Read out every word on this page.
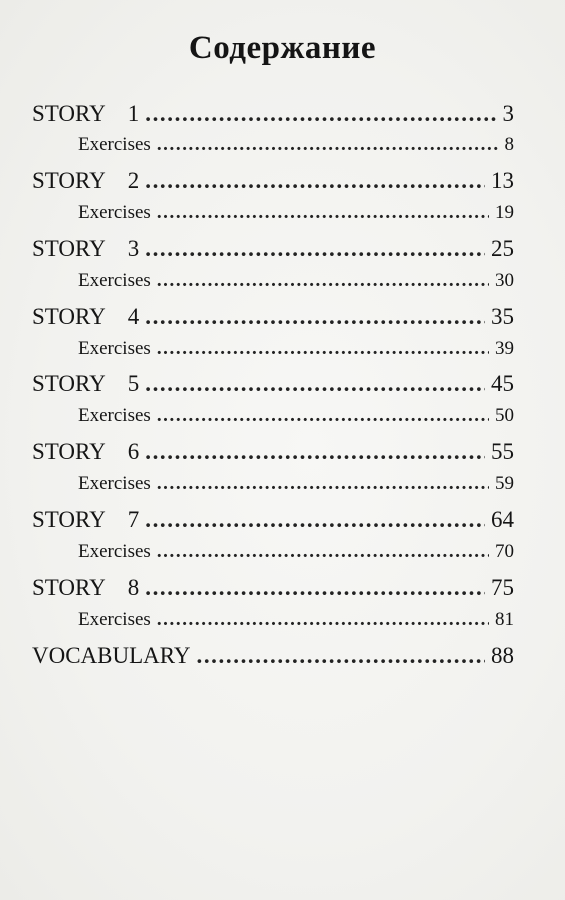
Содержание
STORY 1 .....	3
Exercises .....	8
STORY 2 .....	13
Exercises .....	19
STORY 3 .....	25
Exercises .....	30
STORY 4 .....	35
Exercises .....	39
STORY 5 .....	45
Exercises .....	50
STORY 6 .....	55
Exercises .....	59
STORY 7 .....	64
Exercises .....	70
STORY 8 .....	75
Exercises .....	81
VOCABULARY .....	88
